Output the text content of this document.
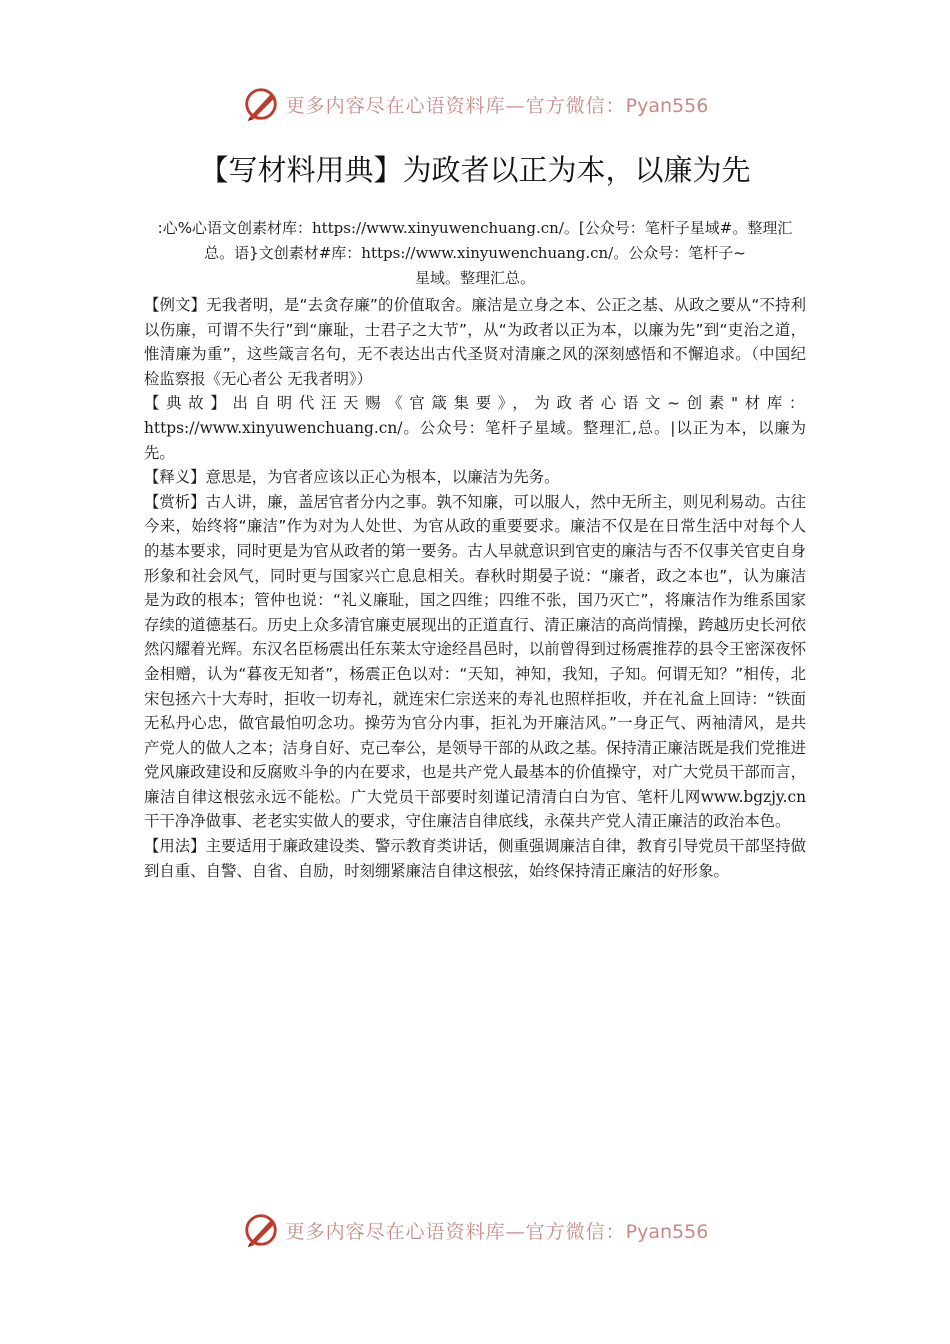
更多内容尽在心语资料库—官方微信：Pyan556
【写材料用典】为政者以正为本，以廉为先

:心%心语文创素材库：https://www.xinyuwenchuang.cn/。[公众号：笔杆子星域#。整理汇总。语}文创素材#库：https://www.xinyuwenchuang.cn/。公众号：笔杆子~
星域。整理汇总。

【例文】无我者明，是“去贪存廉”的价值取舍。廉洁是立身之本、公正之基、从政之要从“不持利以伤廉，可谓不失行”到“廉耻，士君子之大节”，从“为政者以正为本，以廉为先”到“吏治之道，惟清廉为重”，这些箴言名句，无不表达出古代圣贤对清廉之风的深刻感悟和不懈追求。（中国纪检监察报《无心者公 无我者明》）

【典故】出自明代汪天赐《官箴集要》，为政者心语文~创素"材库：https://www.xinyuwenchuang.cn/。公众号：笔杆子星域。整理汇,总。|以正为本，以廉为先。

【释义】意思是，为官者应该以正心为根本，以廉洁为先务。

【赏析】古人讲，廉，盖居官者分内之事。孰不知廉，可以服人，然中无所主，则见利易动。古往今来，始终将“廉洁”作为对为人处世、为官从政的重要要求。廉洁不仅是在日常生活中对每个人的基本要求，同时更是为官从政者的第一要务。古人早就意识到官吏的廉洁与否不仅事关官吏自身形象和社会风气，同时更与国家兴亡息息相关。春秋时期晏子说：“廉者，政之本也”，认为廉洁是为政的根本；管仲也说：“礼义廉耻，国之四维；四维不张，国乃灭亡”，将廉洁作为维系国家存续的道德基石。历史上众多清官廉吏展现出的正道直行、清正廉洁的高尚情操，跨越历史长河依然闪耀着光辉。东汉名臣杨震出任东莱太守途经昌邑时，以前曾得到过杨震推荐的县令王密深夜怀金相赠，认为“暮夜无知者”，杨震正色以对：“天知，神知，我知，子知。何谓无知？”相传，北宋包拯六十大寿时，拒收一切寿礼，就连宋仁宗送来的寿礼也照样拒收，并在礼盒上回诗：“铁面无私丹心忠，做官最怕叨念功。操劳为官分内事，拒礼为开廉洁风。”一身正气、两袖清风，是共产党人的做人之本；洁身自好、克己奉公，是领导干部的从政之基。保持清正廉洁既是我们党推进党风廉政建设和反腐败斗争的内在要求，也是共产党人最基本的价值操守，对广大党员干部而言，廉洁自律这根弦永远不能松。广大党员干部要时刻谨记清清白白为官、笔杆儿网www.bgzjy.cn 干干净净做事、老老实实做人的要求，守住廉洁自律底线，永葆共产党人清正廉洁的政治本色。

【用法】主要适用于廉政建设类、警示教育类讲话，侧重强调廉洁自律，教育引导党员干部坚持做到自重、自警、自省、自励，时刻绷紧廉洁自律这根弦，始终保持清正廉洁的好形象。

更多内容尽在心语资料库—官方微信：Pyan556
